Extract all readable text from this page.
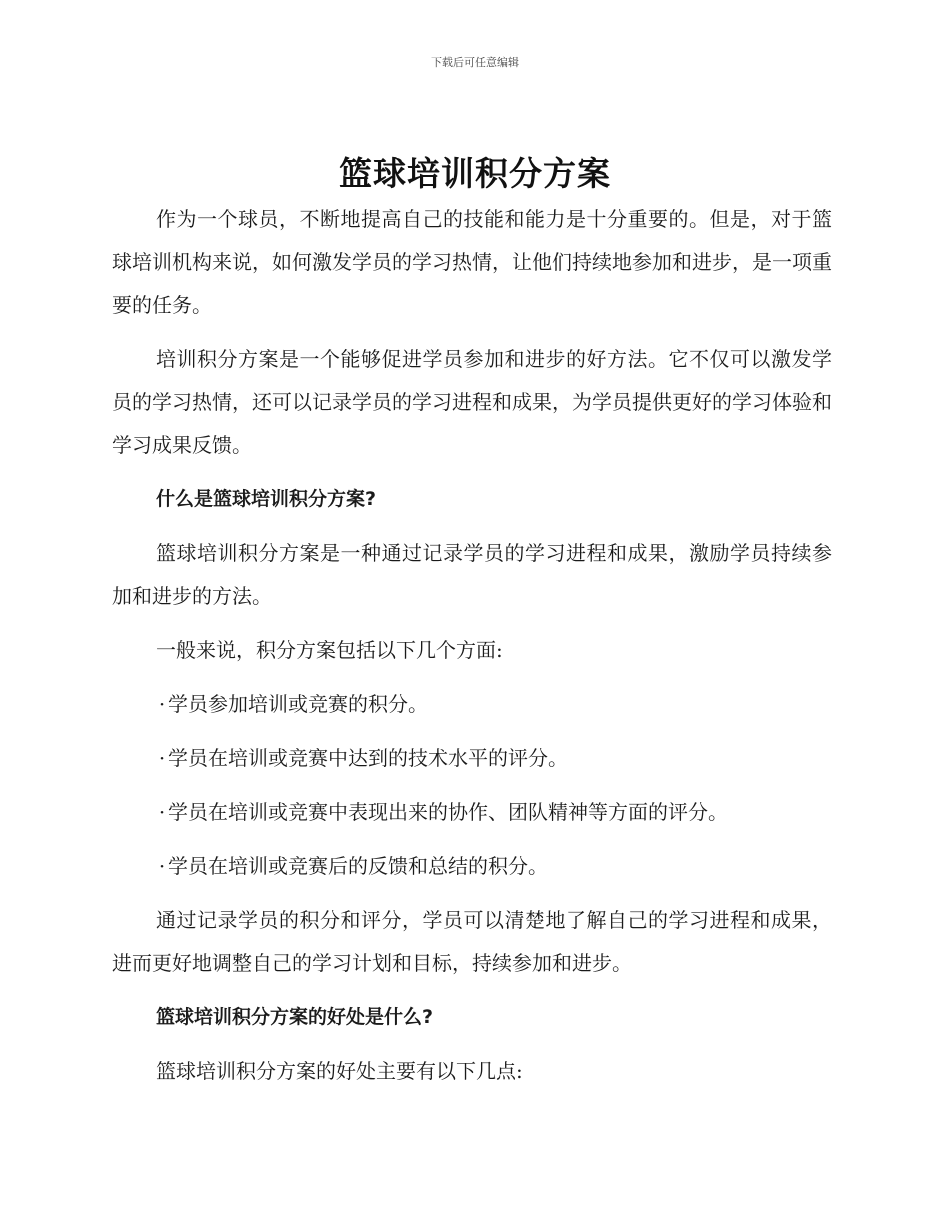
下载后可任意编辑
篮球培训积分方案

作为一个球员，不断地提高自己的技能和能力是十分重要的。但是，对于篮球培训机构来说，如何激发学员的学习热情，让他们持续地参加和进步，是一项重要的任务。

培训积分方案是一个能够促进学员参加和进步的好方法。它不仅可以激发学员的学习热情，还可以记录学员的学习进程和成果，为学员提供更好的学习体验和学习成果反馈。

什么是篮球培训积分方案?

篮球培训积分方案是一种通过记录学员的学习进程和成果，激励学员持续参加和进步的方法。

一般来说，积分方案包括以下几个方面:

· 学员参加培训或竞赛的积分。
· 学员在培训或竞赛中达到的技术水平的评分。
· 学员在培训或竞赛中表现出来的协作、团队精神等方面的评分。
· 学员在培训或竞赛后的反馈和总结的积分。

通过记录学员的积分和评分，学员可以清楚地了解自己的学习进程和成果，进而更好地调整自己的学习计划和目标，持续参加和进步。

篮球培训积分方案的好处是什么?

篮球培训积分方案的好处主要有以下几点:
